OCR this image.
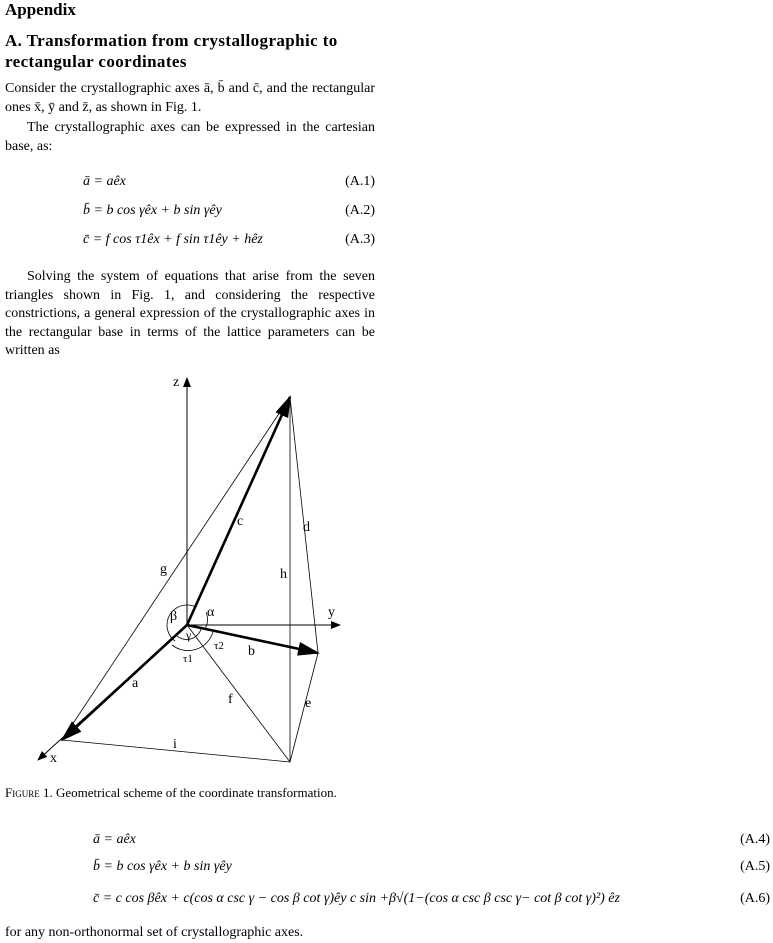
Appendix
A. Transformation from crystallographic to rectangular coordinates
Consider the crystallographic axes ā, b̄ and c̄, and the rectangular ones x̄, ȳ and z̄, as shown in Fig. 1.
The crystallographic axes can be expressed in the cartesian base, as:
ā = aêx	(A.1)
b̄ = b cos γêx + b sin γêy	(A.2)
c̄ = f cos τ1êx + f sin τ1êy + hêz	(A.3)
Solving the system of equations that arise from the seven triangles shown in Fig. 1, and considering the respective constrictions, a general expression of the crystallographic axes in the rectangular base in terms of the lattice parameters can be written as
z
y
x
a
b
c	d
e
f
g	h
i
α
β
γ
τ1
τ2
Figure 1. Geometrical scheme of the coordinate transformation.
ā = aêx	(A.4)
b̄ = b cos γêx + b sin γêy	(A.5)
c̄ = c cos βêx + c(cos α csc γ − cos β cot γ)êy c sin +β√(1−(cos α csc β csc γ− cot β cot γ)²) êz	(A.6)
for any non-orthonormal set of crystallographic axes.
